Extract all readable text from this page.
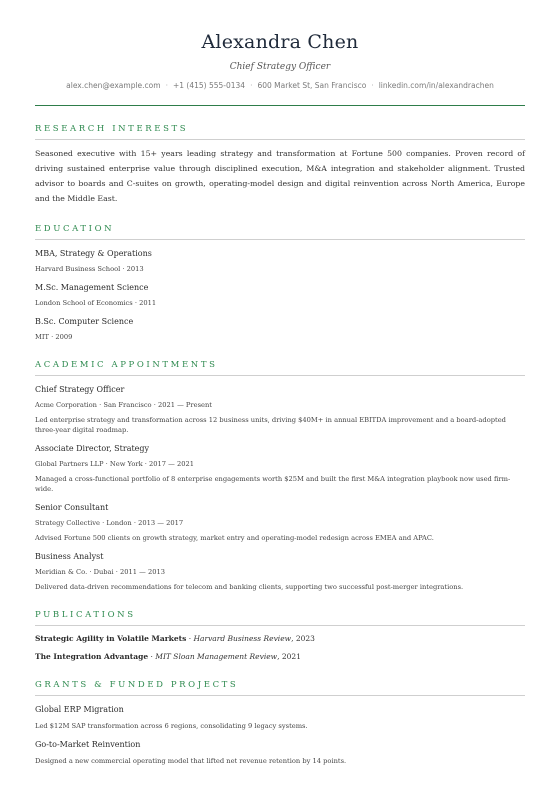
Alexandra Chen
Chief Strategy Officer
alex.chen@example.com · +1 (415) 555-0134 · 600 Market St, San Francisco · linkedin.com/in/alexandrachen
RESEARCH INTERESTS
Seasoned executive with 15+ years leading strategy and transformation at Fortune 500 companies. Proven record of driving sustained enterprise value through disciplined execution, M&A integration and stakeholder alignment. Trusted advisor to boards and C-suites on growth, operating-model design and digital reinvention across North America, Europe and the Middle East.
EDUCATION
MBA, Strategy & Operations
Harvard Business School · 2013
M.Sc. Management Science
London School of Economics · 2011
B.Sc. Computer Science
MIT · 2009
ACADEMIC APPOINTMENTS
Chief Strategy Officer
Acme Corporation · San Francisco · 2021 — Present
Led enterprise strategy and transformation across 12 business units, driving $40M+ in annual EBITDA improvement and a board-adopted three-year digital roadmap.
Associate Director, Strategy
Global Partners LLP · New York · 2017 — 2021
Managed a cross-functional portfolio of 8 enterprise engagements worth $25M and built the first M&A integration playbook now used firm-wide.
Senior Consultant
Strategy Collective · London · 2013 — 2017
Advised Fortune 500 clients on growth strategy, market entry and operating-model redesign across EMEA and APAC.
Business Analyst
Meridian & Co. · Dubai · 2011 — 2013
Delivered data-driven recommendations for telecom and banking clients, supporting two successful post-merger integrations.
PUBLICATIONS
Strategic Agility in Volatile Markets · Harvard Business Review, 2023
The Integration Advantage · MIT Sloan Management Review, 2021
GRANTS & FUNDED PROJECTS
Global ERP Migration
Led $12M SAP transformation across 6 regions, consolidating 9 legacy systems.
Go-to-Market Reinvention
Designed a new commercial operating model that lifted net revenue retention by 14 points.
